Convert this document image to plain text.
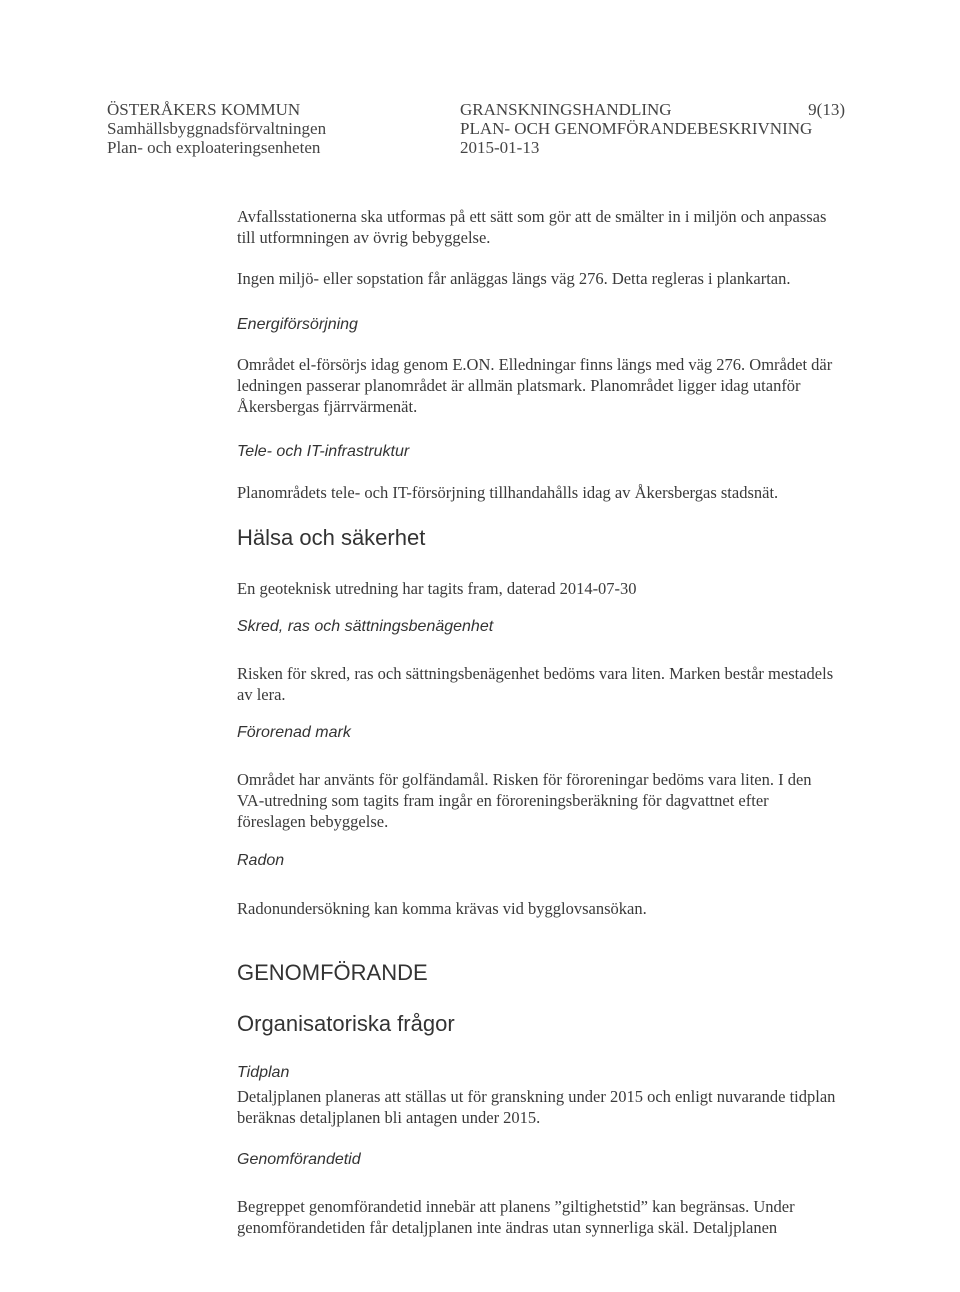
ÖSTERÅKERS KOMMUN
Samhällsbyggnadsförvaltningen
Plan- och exploateringsenheten
GRANSKNINGSHANDLING
PLAN- OCH GENOMFÖRANDEBESKRIVNING
2015-01-13
9(13)

Avfallsstationerna ska utformas på ett sätt som gör att de smälter in i miljön och anpassas till utformningen av övrig bebyggelse.

Ingen miljö- eller sopstation får anläggas längs väg 276. Detta regleras i plankartan.

Energiförsörjning

Området el-försörjs idag genom E.ON. Elledningar finns längs med väg 276. Området där ledningen passerar planområdet är allmän platsmark. Planområdet ligger idag utanför Åkersbergas fjärrvärmenät.

Tele- och IT-infrastruktur

Planområdets tele- och IT-försörjning tillhandahålls idag av Åkersbergas stadsnät.

Hälsa och säkerhet

En geoteknisk utredning har tagits fram, daterad 2014-07-30

Skred, ras och sättningsbenägenhet

Risken för skred, ras och sättningsbenägenhet bedöms vara liten. Marken består mestadels av lera.

Förorenad mark

Området har använts för golfändamål. Risken för föroreningar bedöms vara liten. I den VA-utredning som tagits fram ingår en föroreningsberäkning för dagvattnet efter föreslagen bebyggelse.

Radon

Radonundersökning kan komma krävas vid bygglovsansökan.

GENOMFÖRANDE

Organisatoriska frågor

Tidplan

Detaljplanen planeras att ställas ut för granskning under 2015 och enligt nuvarande tidplan beräknas detaljplanen bli antagen under 2015.

Genomförandetid

Begreppet genomförandetid innebär att planens ”giltighetstid” kan begränsas. Under genomförandetiden får detaljplanen inte ändras utan synnerliga skäl. Detaljplanen
